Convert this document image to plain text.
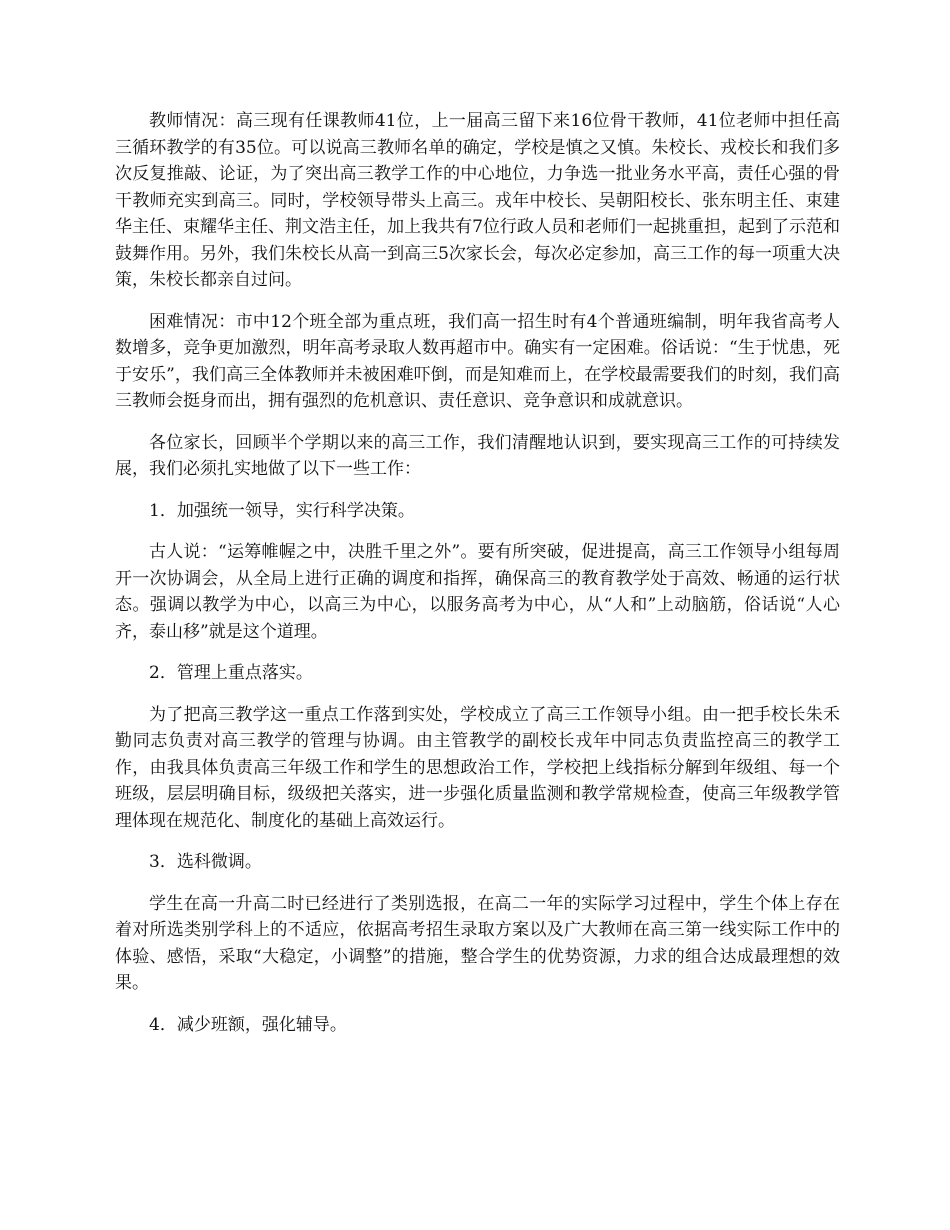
教师情况：高三现有任课教师41位，上一届高三留下来16位骨干教师，41位老师中担任高三循环教学的有35位。可以说高三教师名单的确定，学校是慎之又慎。朱校长、戎校长和我们多次反复推敲、论证，为了突出高三教学工作的中心地位，力争选一批业务水平高，责任心强的骨干教师充实到高三。同时，学校领导带头上高三。戎年中校长、吴朝阳校长、张东明主任、束建华主任、束耀华主任、荆文浩主任，加上我共有7位行政人员和老师们一起挑重担，起到了示范和鼓舞作用。另外，我们朱校长从高一到高三5次家长会，每次必定参加，高三工作的每一项重大决策，朱校长都亲自过问。

困难情况：市中12个班全部为重点班，我们高一招生时有4个普通班编制，明年我省高考人数增多，竞争更加激烈，明年高考录取人数再超市中。确实有一定困难。俗话说：“生于忧患，死于安乐”，我们高三全体教师并未被困难吓倒，而是知难而上，在学校最需要我们的时刻，我们高三教师会挺身而出，拥有强烈的危机意识、责任意识、竞争意识和成就意识。

各位家长，回顾半个学期以来的高三工作，我们清醒地认识到，要实现高三工作的可持续发展，我们必须扎实地做了以下一些工作：

1．加强统一领导，实行科学决策。

古人说：“运筹帷幄之中，决胜千里之外”。要有所突破，促进提高，高三工作领导小组每周开一次协调会，从全局上进行正确的调度和指挥，确保高三的教育教学处于高效、畅通的运行状态。强调以教学为中心，以高三为中心，以服务高考为中心，从“人和”上动脑筋，俗话说“人心齐，泰山移”就是这个道理。

2．管理上重点落实。

为了把高三教学这一重点工作落到实处，学校成立了高三工作领导小组。由一把手校长朱禾勤同志负责对高三教学的管理与协调。由主管教学的副校长戎年中同志负责监控高三的教学工作，由我具体负责高三年级工作和学生的思想政治工作，学校把上线指标分解到年级组、每一个班级，层层明确目标，级级把关落实，进一步强化质量监测和教学常规检查，使高三年级教学管理体现在规范化、制度化的基础上高效运行。

3．选科微调。

学生在高一升高二时已经进行了类别选报，在高二一年的实际学习过程中，学生个体上存在着对所选类别学科上的不适应，依据高考招生录取方案以及广大教师在高三第一线实际工作中的体验、感悟，采取“大稳定，小调整”的措施，整合学生的优势资源，力求的组合达成最理想的效果。

4．减少班额，强化辅导。
